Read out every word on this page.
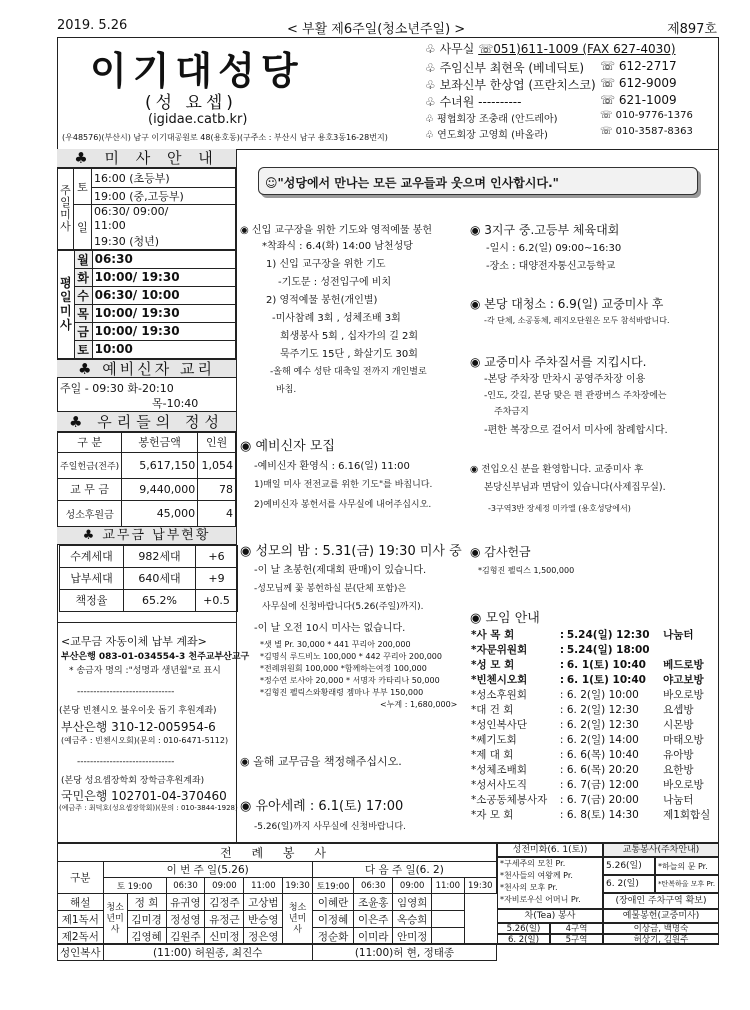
2019. 5.26	< 부활 제6주일(청소년주일) >	제897호
이기대성당
(성 요셉)
(igidae.catb.kr)
(우48576)(부산시) 남구 이기대공원로 48(용호동)(구주소 : 부산시 남구 용호3동16-28번지)
♧ 사무실 ☏051)611-1009 (FAX 627-4030)
♧ 주임신부 최현욱 (베네딕토) ☏ 612-2717
♧ 보좌신부 한상엽 (프란치스코) ☏ 612-9009
♧ 수녀원 ----------	☏ 621-1009
♧ 평협회장 조충래 (안드레아)	☏ 010-9776-1376
♧ 연도회장 고영희 (바올라)	☏ 010-3587-8363
♣ 미 사 안 내
주일미사	토	16:00 (초등부)
		19:00 (중,고등부)
	일	06:30/ 09:00/
		11:00
		19:30 (청년)
평일미사	월	06:30
	화	10:00/ 19:30
	수	06:30/ 10:00
	목	10:00/ 19:30
	금	10:00/ 19:30
	토	10:00
♣ 예비신자 교리
주일 - 09:30 화-20:10
목-10:40
♣ 우리들의 정성
구 분	봉헌금액	인원
주일헌금(전주)	5,617,150	1,054
교 무 금	9,440,000	78
성소후원금	45,000	4
♣ 교무금 납부현황
수계세대	982세대	+6
납부세대	640세대	+9
책정율	65.2%	+0.5
<교무금 자동이체 납부 계좌>
부산은행 083-01-034554-3 천주교부산교구
* 송금자 명의 :"성명과 생년월"로 표시
------------------------------
(본당 빈첸시오 불우이웃 돕기 후원계좌)
부산은행 310-12-005954-6
(예금주 : 빈첸시오회)(문의 : 010-6471-5112)
------------------------------
(본당 성요셉장학회 장학금후원계좌)
국민은행 102701-04-370460
(예금주 : 최덕호(성요셉장학회))(문의 : 010-3844-1928)
☺"성당에서 만나는 모든 교우들과 웃으며 인사합시다."
◉ 신입 교구장을 위한 기도와 영적예물 봉헌
*착좌식 : 6.4(화) 14:00 남천성당
1) 신입 교구장을 위한 기도
-기도문 : 성전입구에 비치
2) 영적예물 봉헌(개인별)
-미사참례 3회 , 성체조배 3회
희생봉사 5회 , 십자가의 길 2회
묵주기도 15단 , 화살기도 30회
-올해 예수 성탄 대축일 전까지 개인별로
바침.
◉ 예비신자 모집
-예비신자 환영식 : 6.16(일) 11:00
1)매일 미사 전전교를 위한 기도"를 바칩니다.
2)예비신자 봉헌서를 사무실에 내어주십시오.
◉ 성모의 밤 : 5.31(금) 19:30 미사 중
-이 날 초봉헌(제대회 판매)이 있습니다.
-성모님께 꽃 봉헌하실 분(단체 포함)은
사무실에 신청바랍니다(5.26(주일)까지).
-이 날 오전 10시 미사는 없습니다.
*샛 별 Pr. 30,000 * 441 꾸리아 200,000
*김명식 루드비노 100,000 * 442 꾸리아 200,000
*전례위원회 100,000 *함께하는여정 100,000
*정수연 로사아 20,000 * 서명자 카타리나 50,000
*김형진 펠릭스와황래령 젬마나 부부 150,000
<누계 : 1,680,000>
◉ 올해 교무금을 책정해주십시오.
◉ 유아세례 : 6.1(토) 17:00
-5.26(일)까지 사무실에 신청바랍니다.
◉ 3지구 중.고등부 체육대회
-일시 : 6.2(일) 09:00~16:30
-장소 : 대양전자통신고등학교
◉ 본당 대청소 : 6.9(일) 교중미사 후
-각 단체, 소공동체, 레지오단원은 모두 참석바랍니다.
◉ 교중미사 주차질서를 지킵시다.
-본당 주차장 만차시 공영주차장 이용
-인도, 갓길, 본당 맞은 편 관광버스 주차장에는
주차금지
-편한 복장으로 걸어서 미사에 참례합시다.
◉ 전입오신 분을 환영합니다. 교중미사 후
본당신부님과 면담이 있습니다(사제집무실).
-3구역3반 장세정 미카엘 (용호성당에서)
◉ 감사헌금
*김형진 펠릭스 1,500,000
◉ 모임 안내
*사 목 회	:	5.24(일) 12:30	나눔터
*자문위원회	:	5.24(일) 18:00	
*성 모 회	:	6. 1(토) 10:40	베드로방
*빈첸시오회	:	6. 1(토) 10:40	야고보방
*성소후원회	:	6. 2(일) 10:00	바오로방
*대 건 회	:	6. 2(일) 12:30	요셉방
*성인복사단	:	6. 2(일) 12:30	시몬방
*쎄기도회	:	6. 2(일) 14:00	마태오방
*제 대 회	:	6. 6(목) 10:40	유아방
*성체조배회	:	6. 6(목) 20:20	요한방
*성서사도직	:	6. 7(금) 12:00	바오로방
*소공동체봉사자	:	6. 7(금) 20:00	나눔터
*자 모 회	:	6. 8(토) 14:30	제1회합실
전 례 봉 사											
구분	이 번 주 일(5.26)						다 음 주 일(6. 2)				
	토 19:00		06:30	09:00	11:00	19:30	토19:00	06:30	09:00	11:00	19:30
해설	청소년미사	정 희	유귀영	김정주	고상범	청소년미사	이혜란	조윤홍	임영희		
제1독서		김미경	정성영	유정근	반승영		이정혜	이은주	옥승희		
제2독서		김영혜	김원주	신미정	정은영		정순화	이미라	안미정		
성인복사	(11:00) 허원종, 최진수						(11:00)허 현, 정태종				
성전미화(6. 1(토))	교통봉사(주차안내)
*구세주의 모친 Pr.
*천사들의 여왕께 Pr.
*천사의 모후 Pr.
*자비로우신 어머니 Pr.
5.26(일)	*하늘의 문 Pr.
6. 2(일)	*탄복하올 모후 Pr.
(장애인 주차구역 확보)
차(Tea) 봉사	예물봉헌(교중미사)
5.26(일)	4구역	이상금, 백명숙
6. 2(일)	5구역	허상기, 김원주
